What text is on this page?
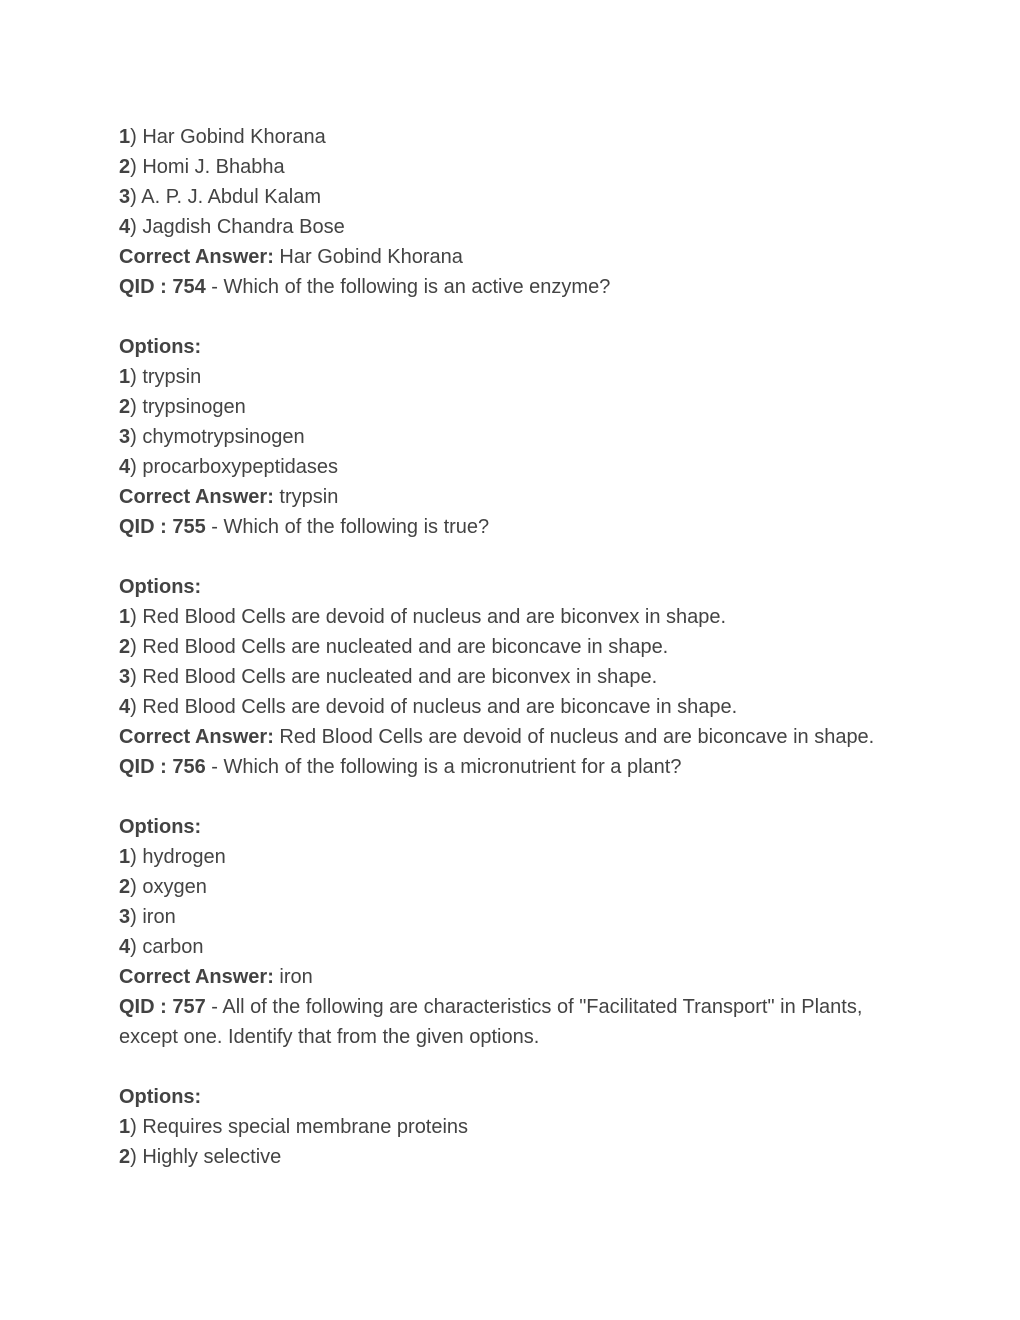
1) Har Gobind Khorana

2) Homi J. Bhabha

3) A. P. J. Abdul Kalam

4) Jagdish Chandra Bose

Correct Answer: Har Gobind Khorana

QID : 754 - Which of the following is an active enzyme?

Options:

1) trypsin

2) trypsinogen

3) chymotrypsinogen

4) procarboxypeptidases

Correct Answer: trypsin

QID : 755 - Which of the following is true?

Options:

1) Red Blood Cells are devoid of nucleus and are biconvex in shape.

2) Red Blood Cells are nucleated and are biconcave in shape.

3) Red Blood Cells are nucleated and are biconvex in shape.

4) Red Blood Cells are devoid of nucleus and are biconcave in shape.

Correct Answer: Red Blood Cells are devoid of nucleus and are biconcave in shape.

QID : 756 - Which of the following is a micronutrient for a plant?

Options:

1) hydrogen

2) oxygen

3) iron

4) carbon

Correct Answer: iron

QID : 757 - All of the following are characteristics of "Facilitated Transport" in Plants, except one. Identify that from the given options.

Options:

1) Requires special membrane proteins

2) Highly selective
